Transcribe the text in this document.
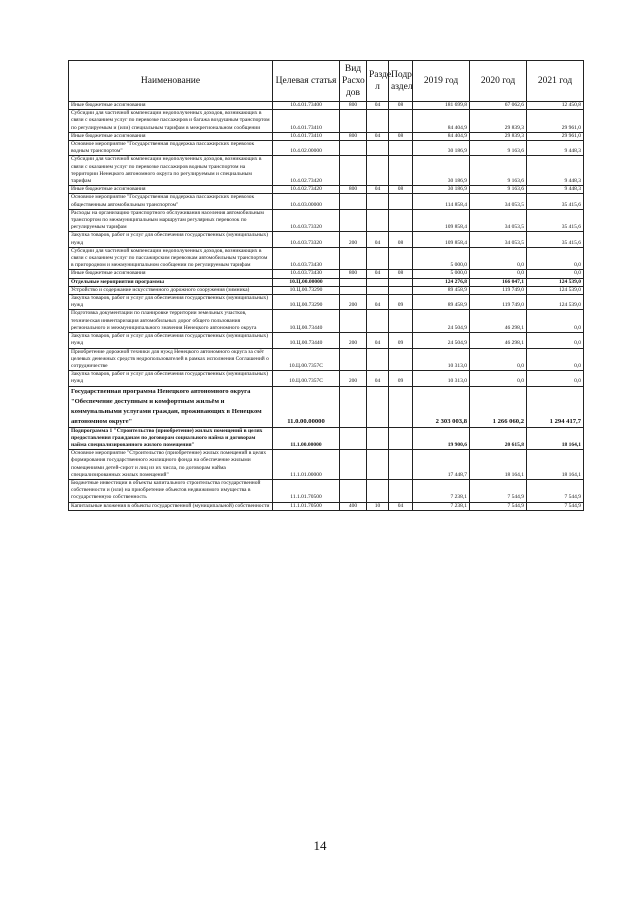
Наименование	Целевая статья	Вид Расхо дов	Разде л	Подр аздел	2019 год	2020 год	2021 год
Иные бюджетные ассигнования	10.4.01.73400	800	04	08	181 699,8	67 062,6	12 450,8
Субсидии для частичной компенсации недополученных доходов, возникающих в связи с оказанием услуг по перевозке пассажиров и багажа воздушным транспортом по регулируемым и (или) специальным тарифам в межрегиональном сообщении	10.4.01.73410				84 404,9	29 839,3	29 961,0
Иные бюджетные ассигнования	10.4.01.73410	800	04	08	84 404,9	29 839,3	29 961,0
Основное мероприятие "Государственная поддержка пассажирских перевозок водным транспортом"	10.4.02.00000				30 186,9	9 163,6	9 448,3
Субсидии для частичной компенсации недополученных доходов, возникающих в связи с оказанием услуг по перевозке пассажиров водным транспортом на территории Ненецкого автономного округа по регулируемым и специальным тарифам	10.4.02.73420				30 186,9	9 163,6	9 448,3
Иные бюджетные ассигнования	10.4.02.73420	800	04	08	30 186,9	9 163,6	9 448,3
Основное мероприятие "Государственная поддержка пассажирских перевозок общественным автомобильным транспортом"	10.4.03.00000				114 858,4	34 053,5	35 415,6
Расходы на организацию транспортного обслуживания населения автомобильным транспортом по межмуниципальным маршрутам регулярных перевозок по регулируемым тарифам	10.4.03.73320				109 858,4	34 053,5	35 415,6
Закупка товаров, работ и услуг для обеспечения государственных (муниципальных) нужд	10.4.03.73320	200	04	08	109 858,4	34 053,5	35 415,6
Субсидии для частичной компенсации недополученных доходов, возникающих в связи с оказанием услуг по пассажирским перевозкам автомобильным транспортом в пригородном и межмуниципальном сообщении по регулируемым тарифам	10.4.03.73430				5 000,0	0,0	0,0
Иные бюджетные ассигнования	10.4.03.73430	800	04	08	5 000,0	0,0	0,0
Отдельные мероприятия программы	10.Ц.00.00000				124 276,8	166 047,1	124 539,0
Устройство и содержание искусственного дорожного сооружения (зимника)	10.Ц.00.73290				89 458,9	119 749,0	124 539,0
Закупка товаров, работ и услуг для обеспечения государственных (муниципальных) нужд	10.Ц.00.73290	200	04	09	89 458,9	119 749,0	124 539,0
Подготовка документации по планировке территории земельных участков, техническая инвентаризация автомобильных дорог общего пользования регионального и межмуниципального значения Ненецкого автономного округа	10.Ц.00.73440				24 504,9	46 298,1	0,0
Закупка товаров, работ и услуг для обеспечения государственных (муниципальных) нужд	10.Ц.00.73440	200	04	09	24 504,9	46 298,1	0,0
Приобретение дорожной техники для нужд Ненецкого автономного округа за счёт целевых денежных средств недропользователей в рамках исполнения Соглашений о сотрудничестве	10.Ц.00.7357С				10 313,0	0,0	0,0
Закупка товаров, работ и услуг для обеспечения государственных (муниципальных) нужд	10.Ц.00.7357С	200	04	09	10 313,0	0,0	0,0
Государственная программа Ненецкого автономного округа "Обеспечение доступным и комфортным жильём и коммунальными услугами граждан, проживающих в Ненецком автономном округе"	11.0.00.00000				2 303 003,8	1 266 060,2	1 294 417,7
Подпрограмма 1 "Строительство (приобретение) жилых помещений в целях предоставления гражданам по договорам социального найма и договорам найма специализированного жилого помещения"	11.1.00.00000				19 900,6	20 615,8	18 164,1
Основное мероприятие "Строительство (приобретение) жилых помещений в целях формирования государственного жилищного фонда на обеспечение жилыми помещениями детей-сирот и лиц из их числа, по договорам найма специализированных жилых помещений"	11.1.01.00000				17 448,7	18 164,1	18 164,1
Бюджетные инвестиции в объекты капитального строительства государственной собственности и (или) на приобретение объектов недвижимого имущества в государственную собственность	11.1.01.70500				7 238,1	7 544,9	7 544,9
Капитальные вложения в объекты государственной (муниципальной) собственности	11.1.01.70500	400	10	04	7 238,1	7 544,9	7 544,9
14
